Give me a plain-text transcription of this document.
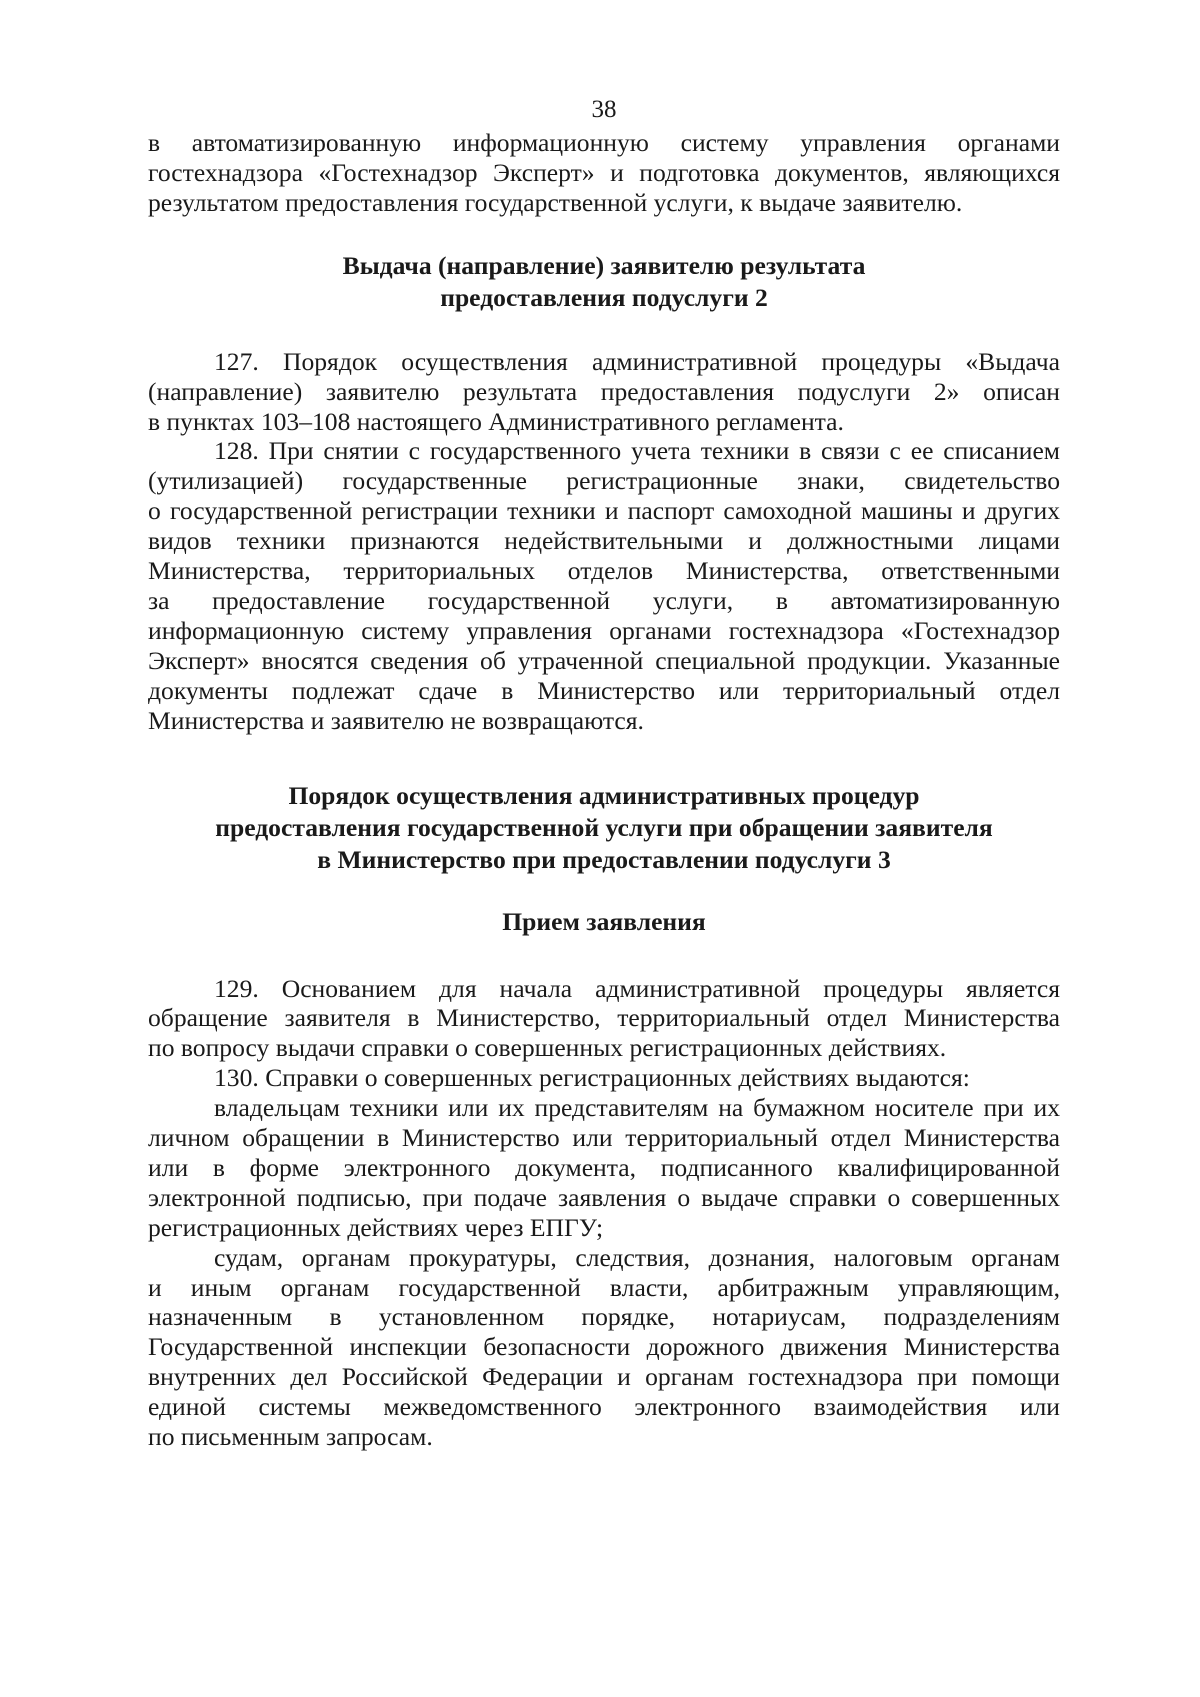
38
в автоматизированную информационную систему управления органами
гостехнадзора «Гостехнадзор Эксперт» и подготовка документов, являющихся
результатом предоставления государственной услуги, к выдаче заявителю.
Выдача (направление) заявителю результата
предоставления подуслуги 2
127. Порядок осуществления административной процедуры «Выдача
(направление) заявителю результата предоставления подуслуги 2» описан
в пунктах 103–108 настоящего Административного регламента.
128. При снятии с государственного учета техники в связи с ее списанием
(утилизацией) государственные регистрационные знаки, свидетельство
о государственной регистрации техники и паспорт самоходной машины и других
видов техники признаются недействительными и должностными лицами
Министерства, территориальных отделов Министерства, ответственными
за предоставление государственной услуги, в автоматизированную
информационную систему управления органами гостехнадзора «Гостехнадзор
Эксперт» вносятся сведения об утраченной специальной продукции. Указанные
документы подлежат сдаче в Министерство или территориальный отдел
Министерства и заявителю не возвращаются.
Порядок осуществления административных процедур
предоставления государственной услуги при обращении заявителя
в Министерство при предоставлении подуслуги 3
Прием заявления
129. Основанием для начала административной процедуры является
обращение заявителя в Министерство, территориальный отдел Министерства
по вопросу выдачи справки о совершенных регистрационных действиях.
130. Справки о совершенных регистрационных действиях выдаются:
владельцам техники или их представителям на бумажном носителе при их
личном обращении в Министерство или территориальный отдел Министерства
или в форме электронного документа, подписанного квалифицированной
электронной подписью, при подаче заявления о выдаче справки о совершенных
регистрационных действиях через ЕПГУ;
судам, органам прокуратуры, следствия, дознания, налоговым органам
и иным органам государственной власти, арбитражным управляющим,
назначенным в установленном порядке, нотариусам, подразделениям
Государственной инспекции безопасности дорожного движения Министерства
внутренних дел Российской Федерации и органам гостехнадзора при помощи
единой системы межведомственного электронного взаимодействия или
по письменным запросам.
